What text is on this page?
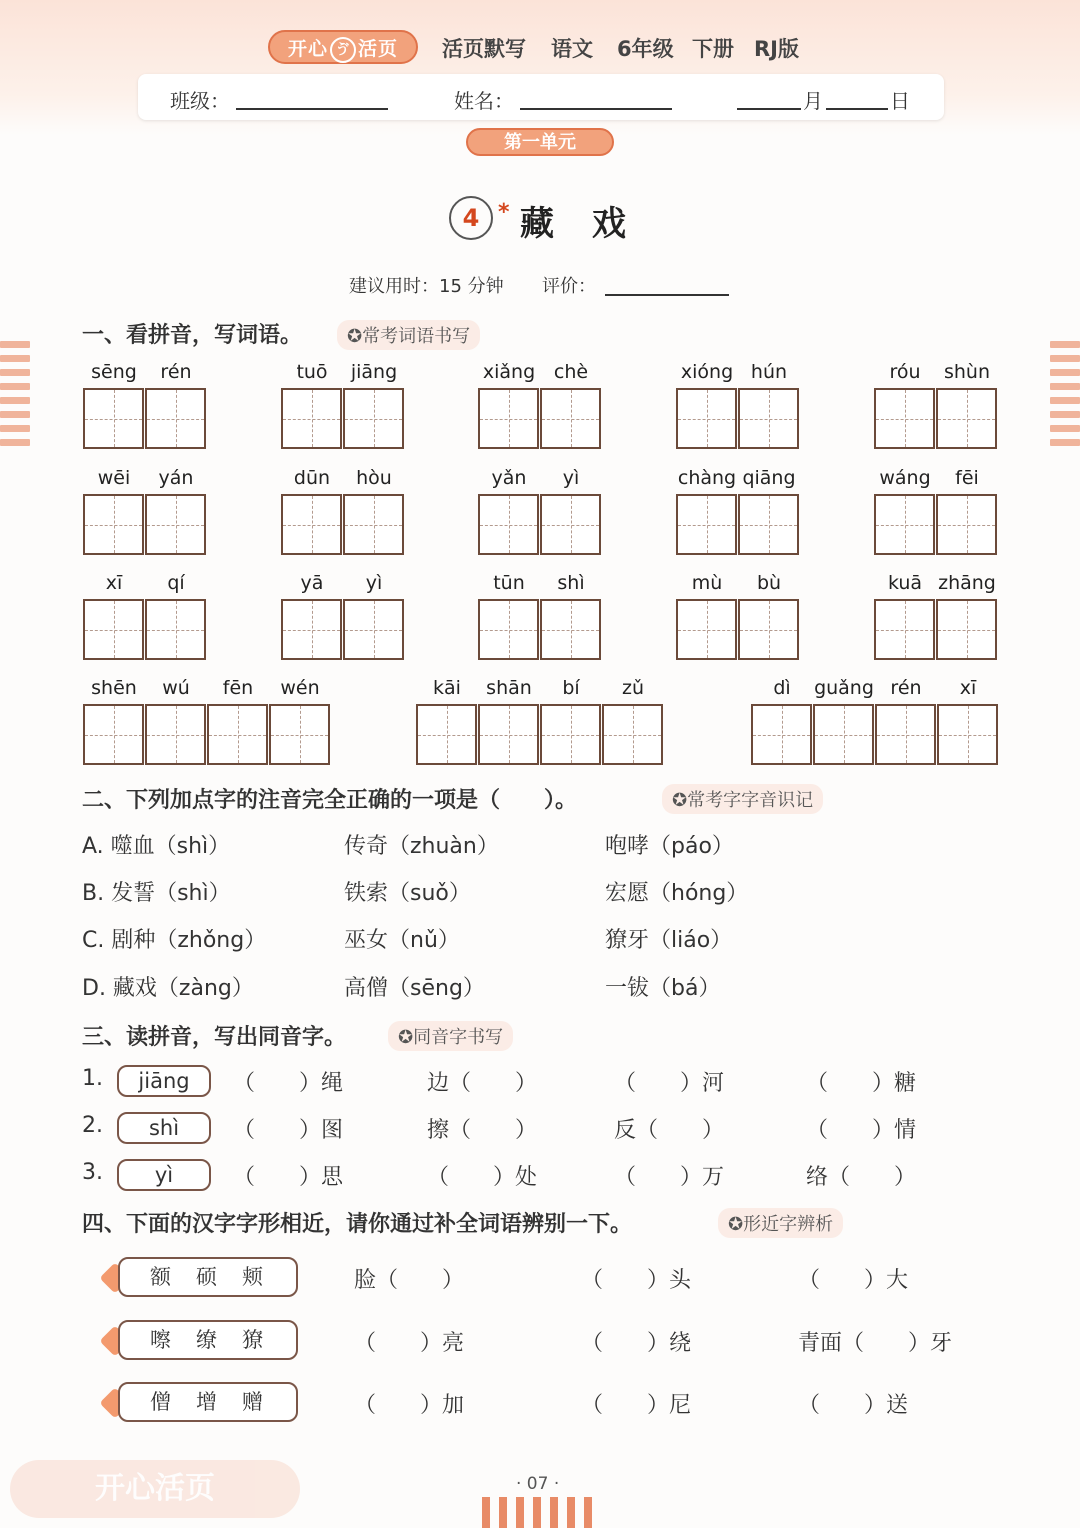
开心 ゔ 活页	活页默写 语文 6年级 下册 RJ版
班级：	姓名：	月	日
第一单元
4 * 藏戏
建议用时：15 分钟 评价：
一、看拼音，写词语。	✪常考词语书写
sēng	rén	tuō	jiāng	xiǎng chè	xióng hún	róu	shùn
wēi	yán	dūn	hòu	yǎn	yì	chàng qiāng	wáng	fēi
xī	qí	yā	yì	tūn	shì	mù	bù	kuā zhāng
shēn	wú	fēn	wén	kāi	shān	bí	zǔ	dì	guǎng rén	xī
二、下列加点字的注音完全正确的一项是（　　）。	✪常考字字音识记
A. 噬血（shì）	传奇（zhuàn）	咆哮（páo）
B. 发誓（shì）	铁索（suǒ）	宏愿（hóng）
C. 剧种（zhǒng）	巫女（nǔ）	獠牙（liáo）
D. 藏戏（zàng）	高僧（sēng）	一钹（bá）
三、读拼音，写出同音字。	✪同音字书写
1.	jiāng	（　　）绳	边（　　）	（　　）河	（　　）糖
2.	shì	（　　）图	擦（　　）	反（　　）	（　　）情
3.	yì	（　　）思	（　　）处	（　　）万	络（　　）
四、下面的汉字字形相近，请你通过补全词语辨别一下。	✪形近字辨析
额硕颊	脸（　　）	（　　）头	（　　）大
嚓缭獠	（　　）亮	（　　）绕	青面（　　）牙
僧增赠	（　　）加	（　　）尼	（　　）送
开心活页	· 07 ·
